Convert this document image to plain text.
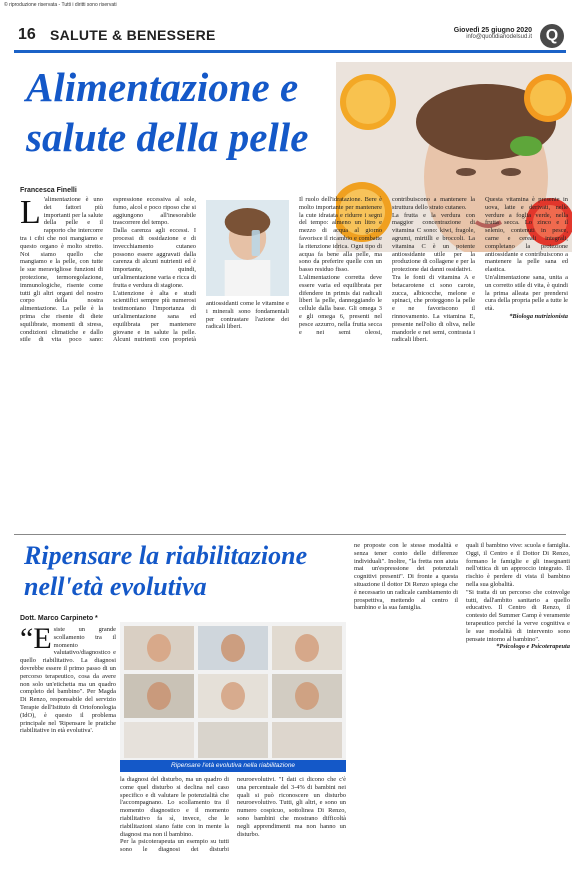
© riproduzione riservata - Tutti i diritti sono riservati
16 SALUTE & BENESSERE	Giovedì 25 giugno 2020
info@quotidianodelsud.it Q
Alimentazione e salute della pelle
Francesca Finelli

L 'alimentazione è uno dei fattori più importanti per la salute della pelle e il rapporto che intercorre tra i cibi che noi mangiamo e questo organo è molto stretto. Noi siamo quello che mangiamo e la pelle, con tutte le sue meravigliose funzioni di protezione, termoregolazione, immunologiche, risente come tutti gli altri organi del nostro corpo della nostra alimentazione. La pelle è la prima che risente di diete squilibrate, momenti di stress, condizioni climatiche e dallo stile di vita poco sano: espressione eccessiva al sole, fumo, alcol e poco riposo che si aggiungono all'inesorabile trascorrere del tempo.

Dalla carenza agli eccessi. I processi di ossidazione e di invecchiamento cutaneo possono essere aggravati dalla carenza di alcuni nutrienti ed è importante, quindi, un'alimentazione varia e ricca di frutta e verdura di stagione.

L'attenzione è alta e studi scientifici sempre più numerosi testimoniano l'importanza di un'alimentazione sana ed equilibrata per mantenere giovane e in salute la pelle. Alcuni nutrienti con proprietà antiossidanti come le vitamine e i minerali sono fondamentali per contrastare l'azione dei radicali liberi.

Il ruolo dell'idratazione. Bere è molto importante per mantenere la cute idratata e ridurre i segni del tempo: almeno un litro e mezzo di acqua al giorno favorisce il ricambio e combatte la ritenzione idrica. Ogni tipo di acqua fa bene alla pelle, ma sono da preferire quelle con un basso residuo fisso.

L'alimentazione corretta deve essere varia ed equilibrata per difendere in primis dai radicali liberi la pelle, danneggiando le cellule dalla base. Gli omega 3 e gli omega 6, presenti nel pesce azzurro, nella frutta secca e nei semi oleosi, contribuiscono a mantenere la struttura dello strato cutaneo.

La frutta e la verdura con maggior concentrazione di vitamina C sono: kiwi, fragole, agrumi, mirtilli e broccoli. La vitamina C è un potente antiossidante utile per la produzione di collagene e per la protezione dai danni ossidativi.

Tra le fonti di vitamina A e betacarotene ci sono carote, zucca, albicocche, melone e spinaci, che proteggono la pelle e ne favoriscono il rinnovamento. La vitamina E, presente nell'olio di oliva, nelle mandorle e nei semi, contrasta i radicali liberi.

Questa vitamina è presente in uova, latte e derivati, nelle verdure a foglia verde, nella frutta secca. Lo zinco e il selenio, contenuti in pesce, carne e cereali integrali, completano la protezione antiossidante e contribuiscono a mantenere la pelle sana ed elastica.

Un'alimentazione sana, unita a un corretto stile di vita, è quindi la prima alleata per prendersi cura della propria pelle a tutte le età.

*Biologa nutrizionista

Ripensare la riabilitazione nell'età evolutiva

ne proposte con le stesse modalità e senza tener conto delle differenze individuali". Inoltre, "la fretta non aiuta mai un'espressione dei potenziali cognitivi presenti". Di fronte a questa situazione il dottor Di Renzo spiega che è necessario un radicale cambiamento di prospettiva, mettendo al centro il bambino e la sua famiglia.

quali il bambino vive: scuola e famiglia. Oggi, il Centro e il Dottor Di Renzo, formano le famiglie e gli insegnanti nell'ottica di un approccio integrato. Il rischio è perdere di vista il bambino nella sua globalità.

"Si tratta di un percorso che coinvolge tutti, dall'ambito sanitario a quello educativo. Il Centro di Renzo, il contesto del Summer Camp è veramente terapeutico perché la verve cognitiva e le sue modalità di intervento sono pensate intorno al bambino".

*Psicologo e Psicoterapeuta

Dott. Marco Carpineto *

“Esiste un grande scollamento tra il momento valutativo/diagnostico e quello riabilitativo. La diagnosi dovrebbe essere il primo passo di un percorso terapeutico, cosa da avere non solo un'etichetta ma un quadro completo del bambino". Per Magda Di Renzo, responsabile del servizio Terapie dell'Istituto di Ortofonologia (IdO), è questo il problema principale nel 'Ripensare le pratiche riabilitative in età evolutiva'.

Ripensare l'età evolutiva nella riabilitazione

la diagnosi del disturbo, ma un quadro di come quel disturbo si declina nel caso specifico e di valutare le potenzialità che l'accompagnano. Lo scollamento tra il momento diagnostico e il momento riabilitativo fa sì, invece, che le riabilitazioni siano fatte con in mente la diagnosi ma non il bambino.

Per la psicoterapeuta un esempio su tutti sono le diagnosi dei disturbi neuroevolutivi. "I dati ci dicono che c'è una percentuale del 3-4% di bambini nei quali si può riconoscere un disturbo neuroevolutivo. Tutti, gli altri, e sono un numero cospicuo, sottolinea Di Renzo, sono bambini che mostrano difficoltà negli apprendimenti ma non hanno un disturbo.
